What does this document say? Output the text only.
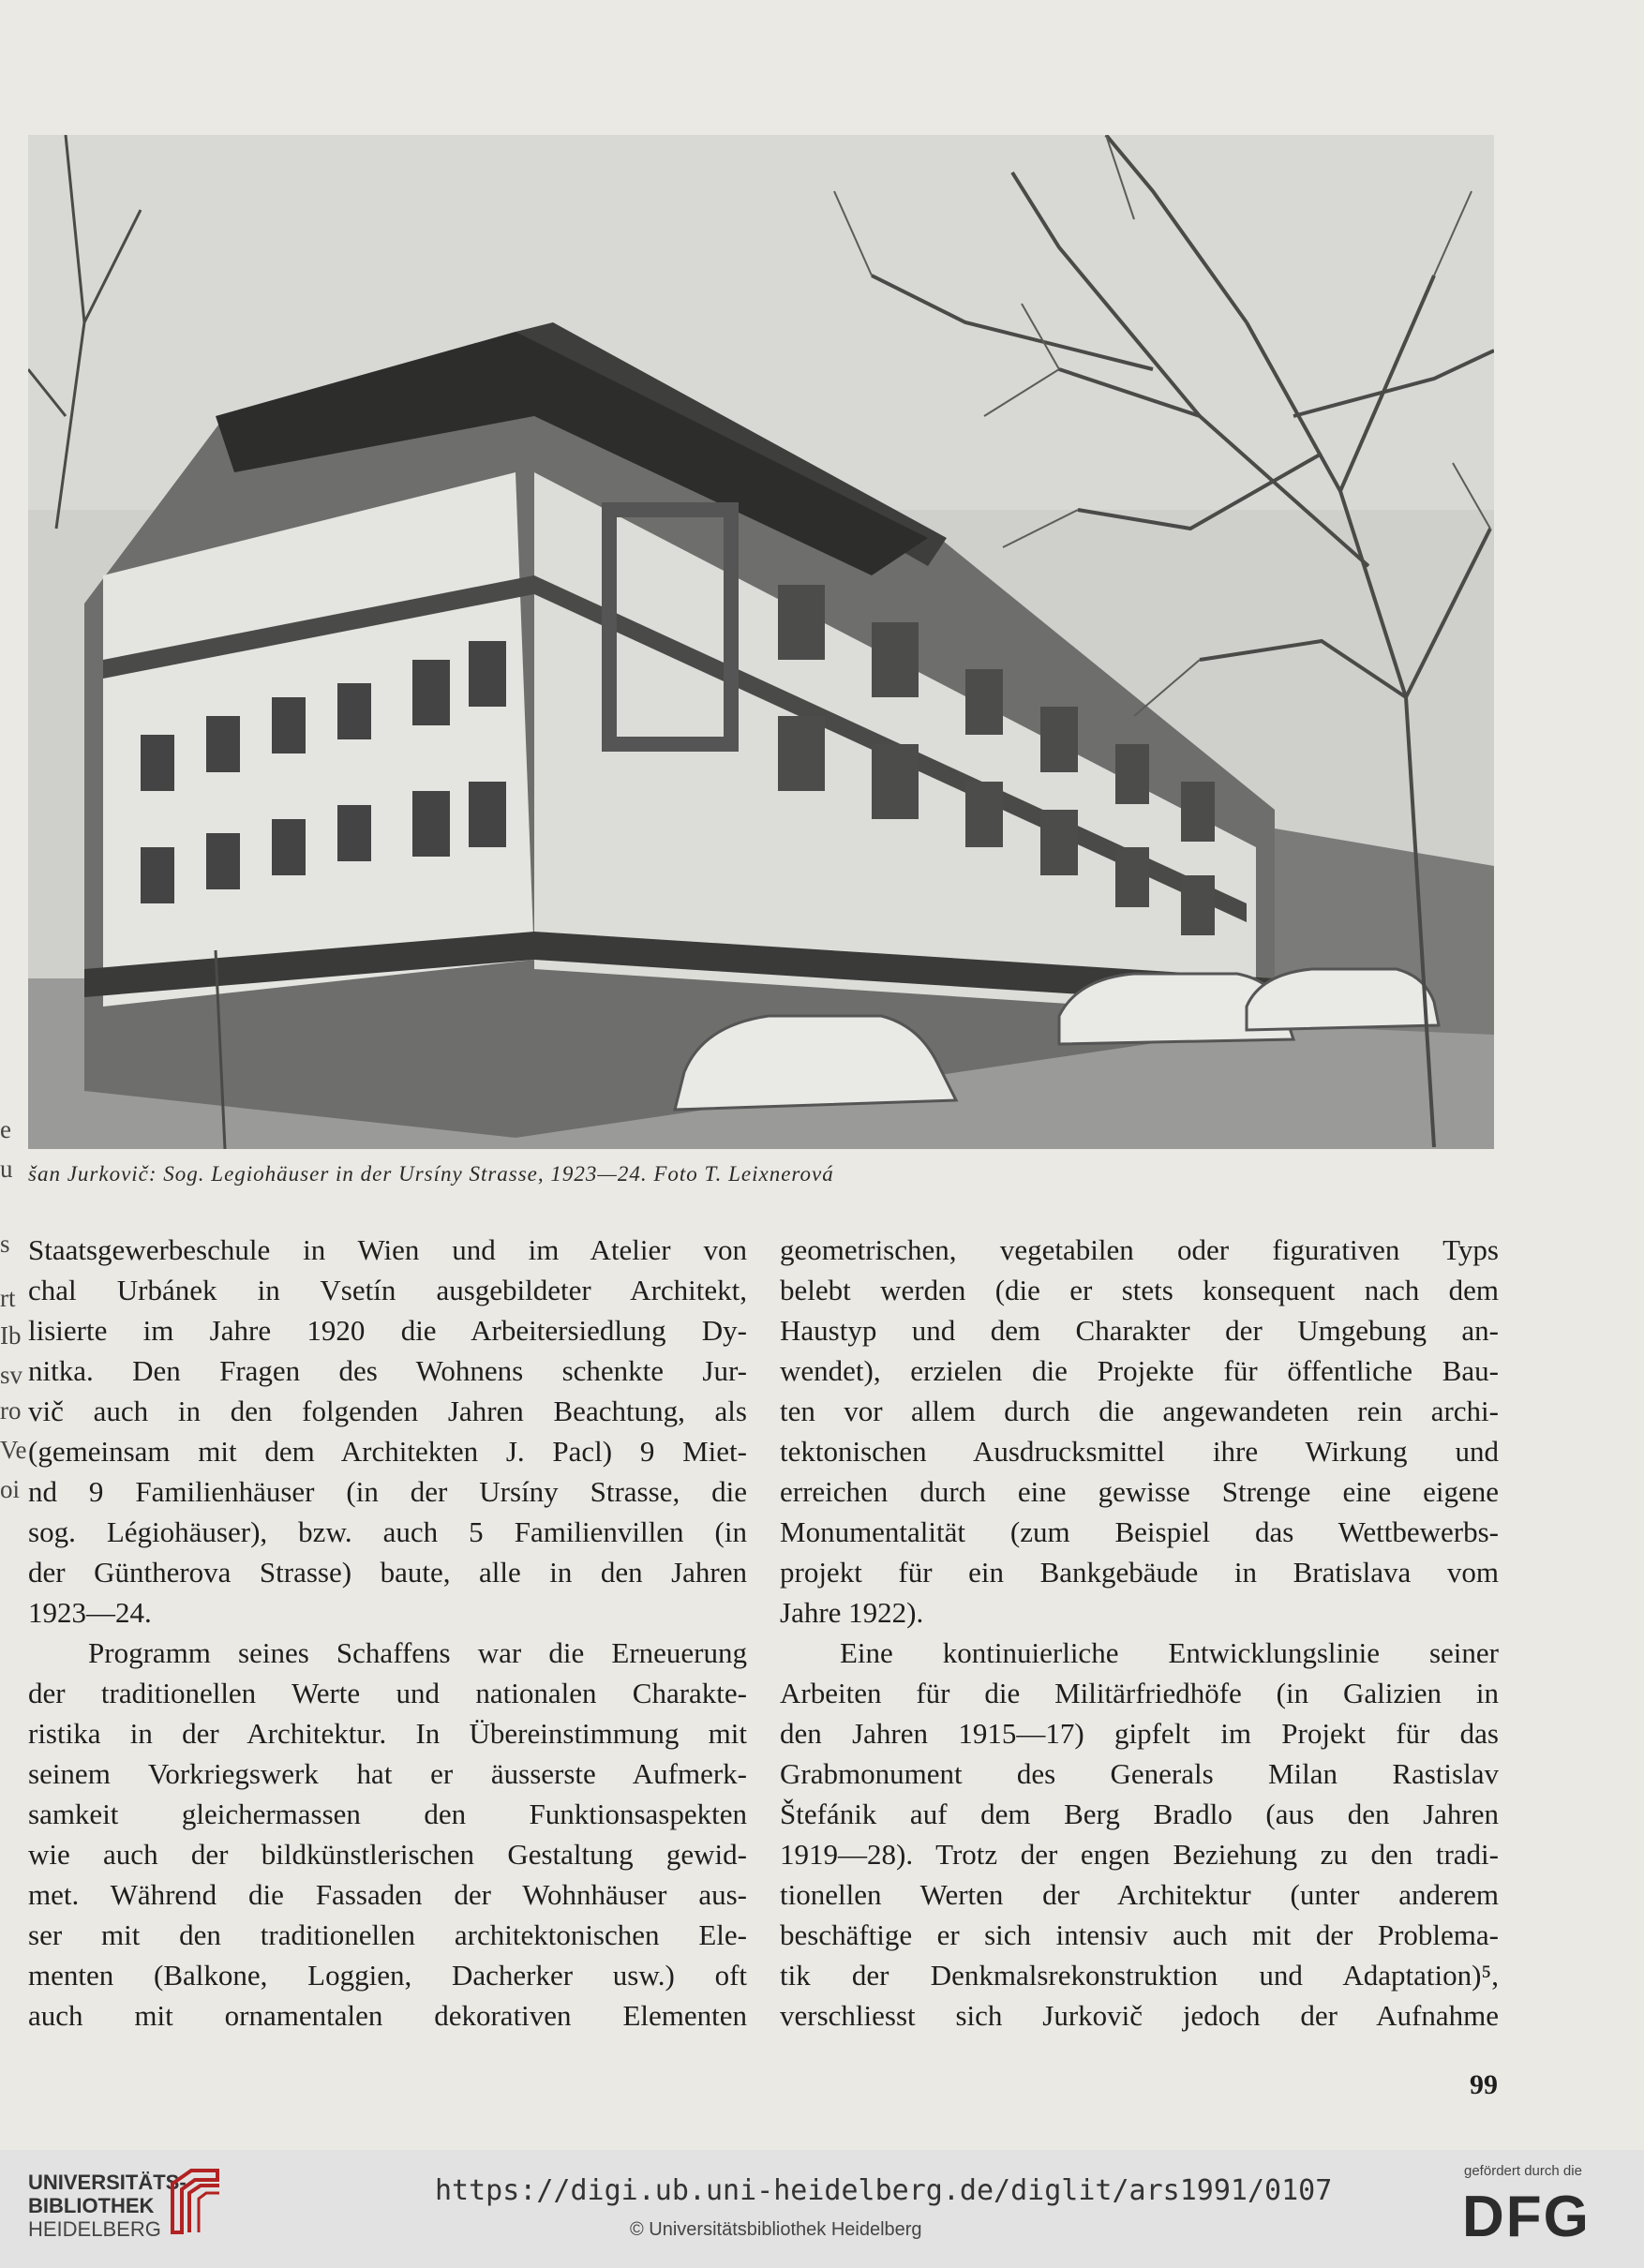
šan Jurkovič: Sog. Legiohäuser in der Ursíny Strasse, 1923—24. Foto T. Leixnerová
e
u
s
rt
Ib
sv
ro
Ve
oi
Staatsgewerbeschule in Wien und im Atelier von
chal Urbánek in Vsetín ausgebildeter Architekt,
lisierte im Jahre 1920 die Arbeitersiedlung Dy-
nitka. Den Fragen des Wohnens schenkte Jur-
vič auch in den folgenden Jahren Beachtung, als
(gemeinsam mit dem Architekten J. Pacl) 9 Miet-
nd 9 Familienhäuser (in der Ursíny Strasse, die
sog. Légiohäuser), bzw. auch 5 Familienvillen (in
der Güntherova Strasse) baute, alle in den Jahren
1923—24.
Programm seines Schaffens war die Erneuerung
der traditionellen Werte und nationalen Charakte-
ristika in der Architektur. In Übereinstimmung mit
seinem Vorkriegswerk hat er äusserste Aufmerk-
samkeit gleichermassen den Funktionsaspekten
wie auch der bildkünstlerischen Gestaltung gewid-
met. Während die Fassaden der Wohnhäuser aus-
ser mit den traditionellen architektonischen Ele-
menten (Balkone, Loggien, Dacherker usw.) oft
auch mit ornamentalen dekorativen Elementen
geometrischen, vegetabilen oder figurativen Typs
belebt werden (die er stets konsequent nach dem
Haustyp und dem Charakter der Umgebung an-
wendet), erzielen die Projekte für öffentliche Bau-
ten vor allem durch die angewandeten rein archi-
tektonischen Ausdrucksmittel ihre Wirkung und
erreichen durch eine gewisse Strenge eine eigene
Monumentalität (zum Beispiel das Wettbewerbs-
projekt für ein Bankgebäude in Bratislava vom
Jahre 1922).
Eine kontinuierliche Entwicklungslinie seiner
Arbeiten für die Militärfriedhöfe (in Galizien in
den Jahren 1915—17) gipfelt im Projekt für das
Grabmonument des Generals Milan Rastislav
Štefánik auf dem Berg Bradlo (aus den Jahren
1919—28). Trotz der engen Beziehung zu den tradi-
tionellen Werten der Architektur (unter anderem
beschäftige er sich intensiv auch mit der Problema-
tik der Denkmalsrekonstruktion und Adaptation)⁵,
verschliesst sich Jurkovič jedoch der Aufnahme
99
UNIVERSITÄTS-
BIBLIOTHEK
HEIDELBERG
https://digi.ub.uni-heidelberg.de/diglit/ars1991/0107
© Universitätsbibliothek Heidelberg
gefördert durch die
DFG
